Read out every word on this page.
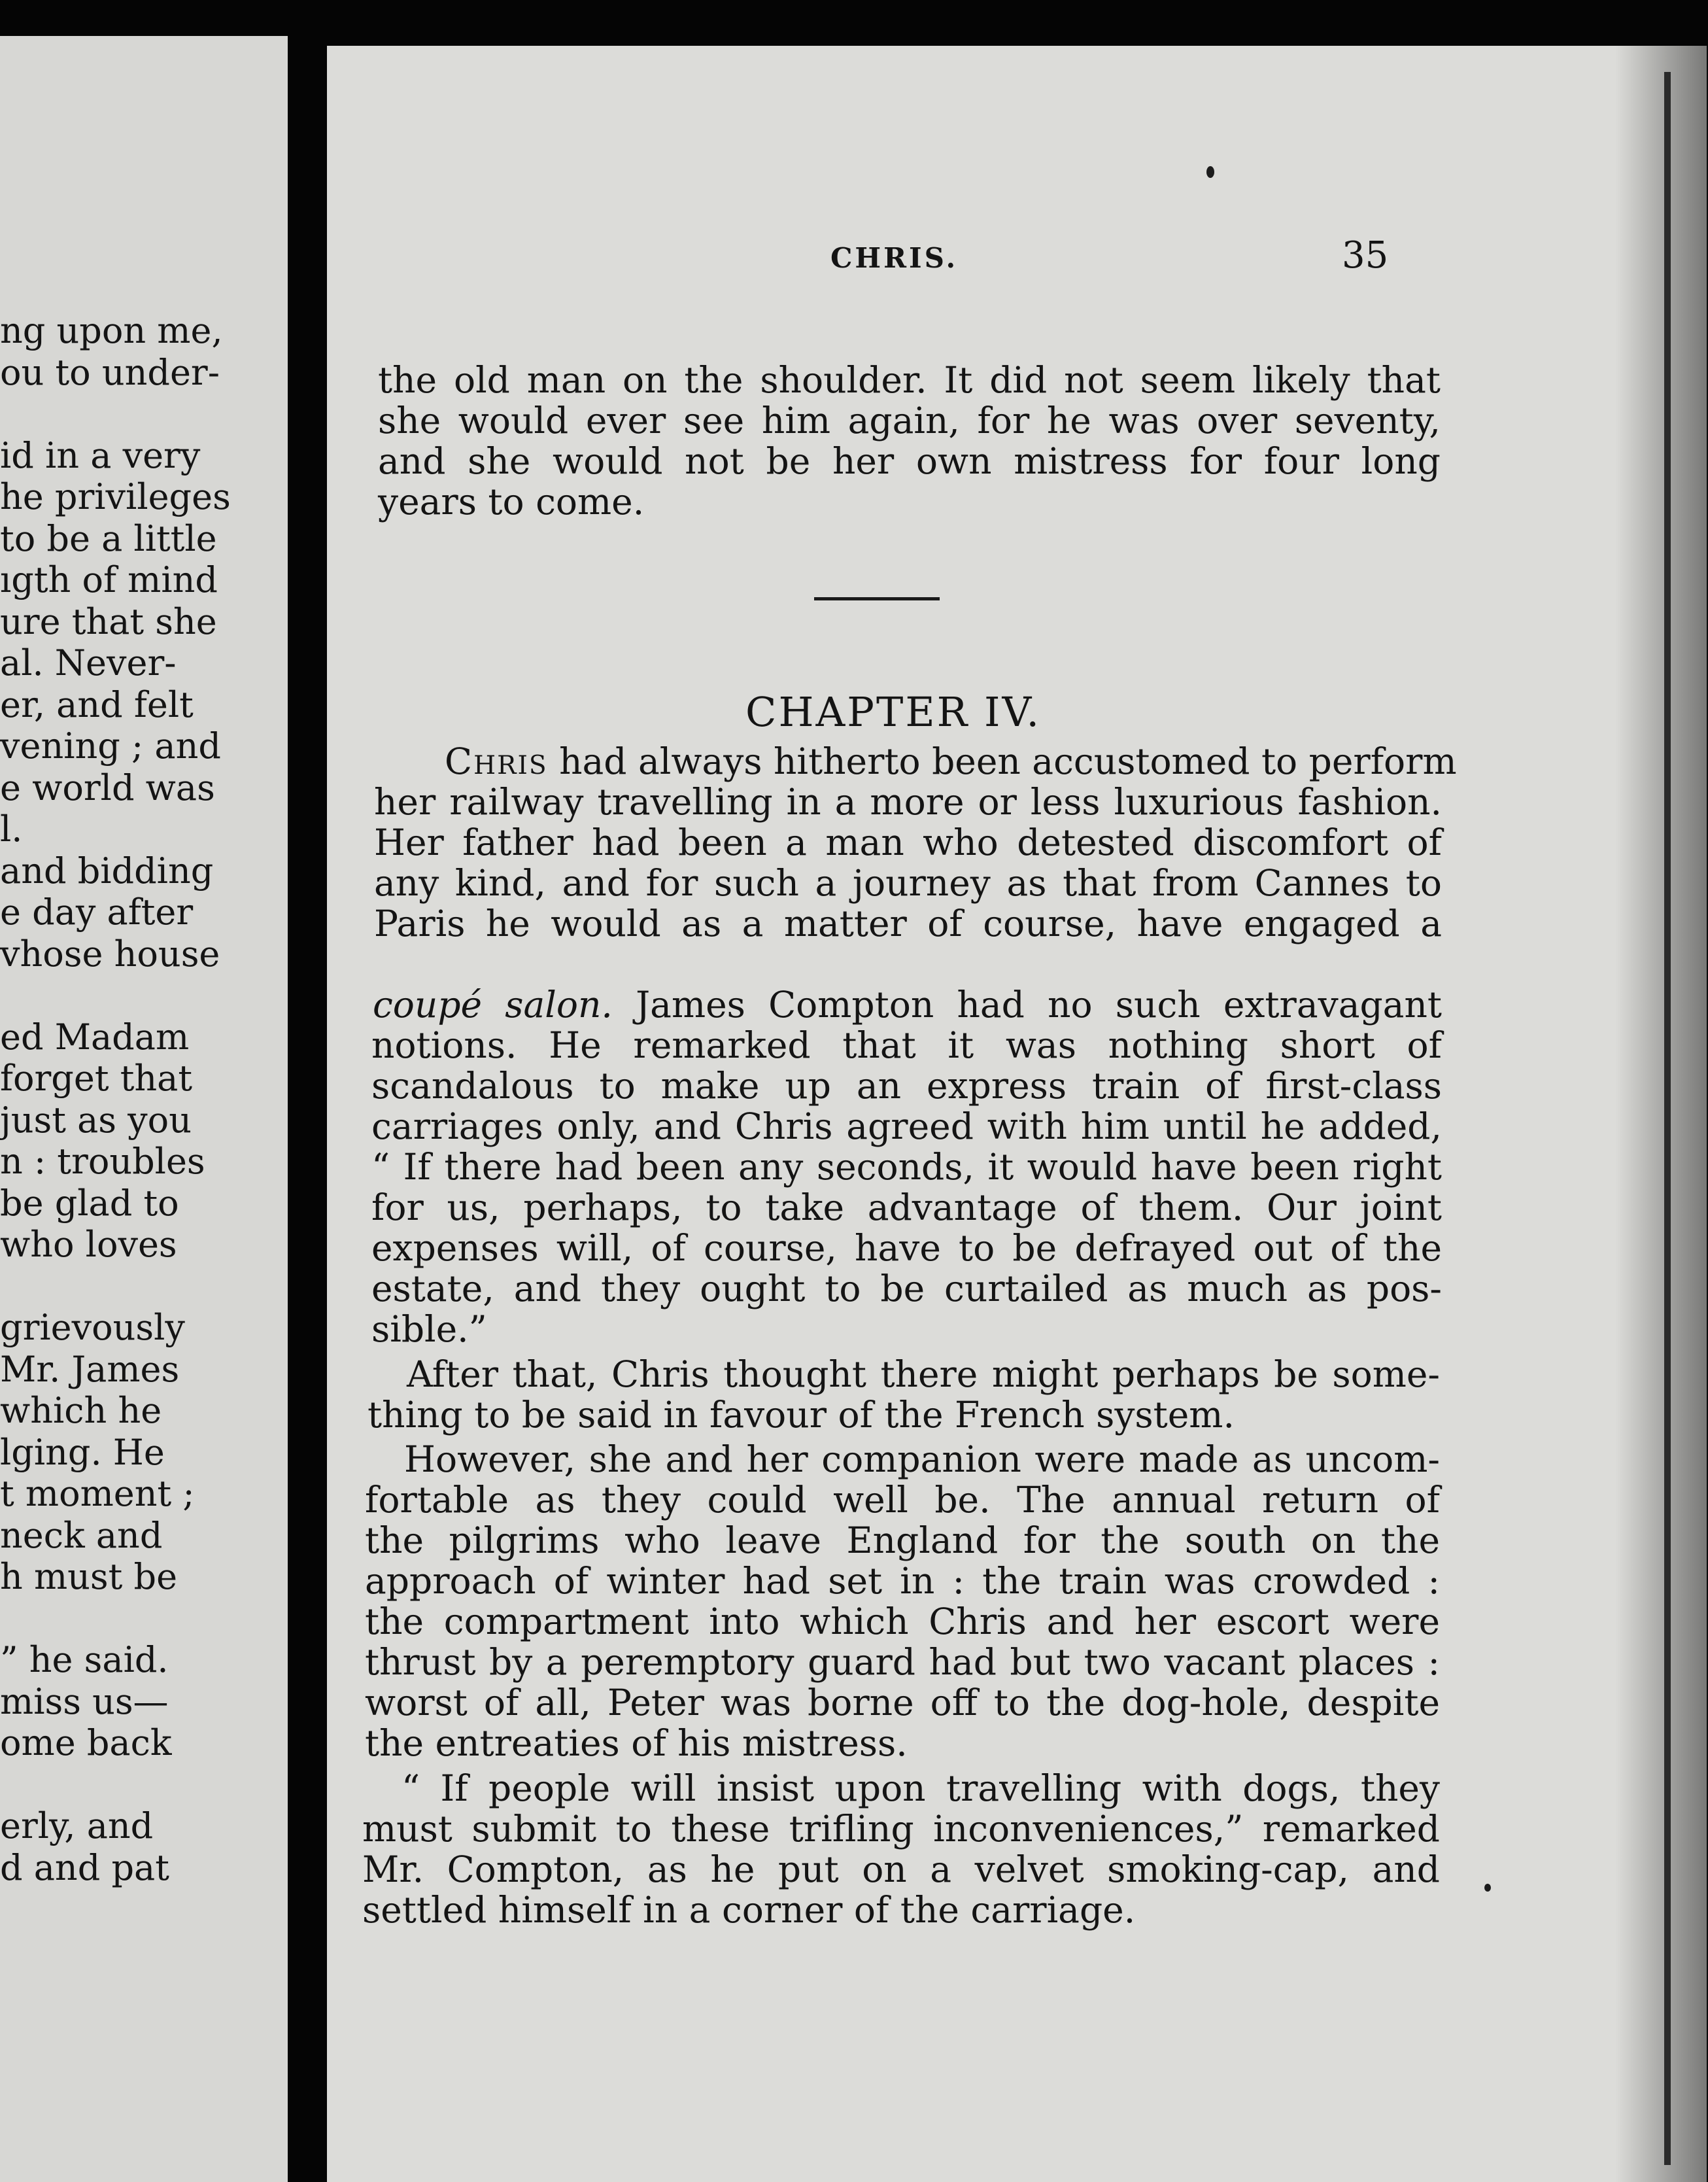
ng upon me,
ou to under-
id in a very
he privileges
to be a little
ıgth of mind
ure that she
al. Never-
er, and felt
vening ; and
e world was
l.
and bidding
e day after
vhose house
ed Madam
forget that
just as you
n : troubles
be glad to
who loves
grievously
Mr. James
which he
lging. He
t moment ;
neck and
h must be
” he said.
miss us—
ome back
erly, and
d and pat
CHRIS.	35
the old man on the shoulder. It did not seem likely that
she would ever see him again, for he was over seventy,
and she would not be her own mistress for four long
years to come.
CHAPTER IV.
Chris had always hitherto been accustomed to perform
her railway travelling in a more or less luxurious fashion.
Her father had been a man who detested discomfort of
any kind, and for such a journey as that from Cannes to
Paris he would as a matter of course, have engaged a
coupé salon. James Compton had no such extravagant
notions. He remarked that it was nothing short of
scandalous to make up an express train of first-class
carriages only, and Chris agreed with him until he added,
“ If there had been any seconds, it would have been right
for us, perhaps, to take advantage of them. Our joint
expenses will, of course, have to be defrayed out of the
estate, and they ought to be curtailed as much as pos-
sible.”
After that, Chris thought there might perhaps be some-
thing to be said in favour of the French system.
However, she and her companion were made as uncom-
fortable as they could well be. The annual return of
the pilgrims who leave England for the south on the
approach of winter had set in : the train was crowded :
the compartment into which Chris and her escort were
thrust by a peremptory guard had but two vacant places :
worst of all, Peter was borne off to the dog-hole, despite
the entreaties of his mistress.
“ If people will insist upon travelling with dogs, they
must submit to these trifling inconveniences,” remarked
Mr. Compton, as he put on a velvet smoking-cap, and
settled himself in a corner of the carriage.
